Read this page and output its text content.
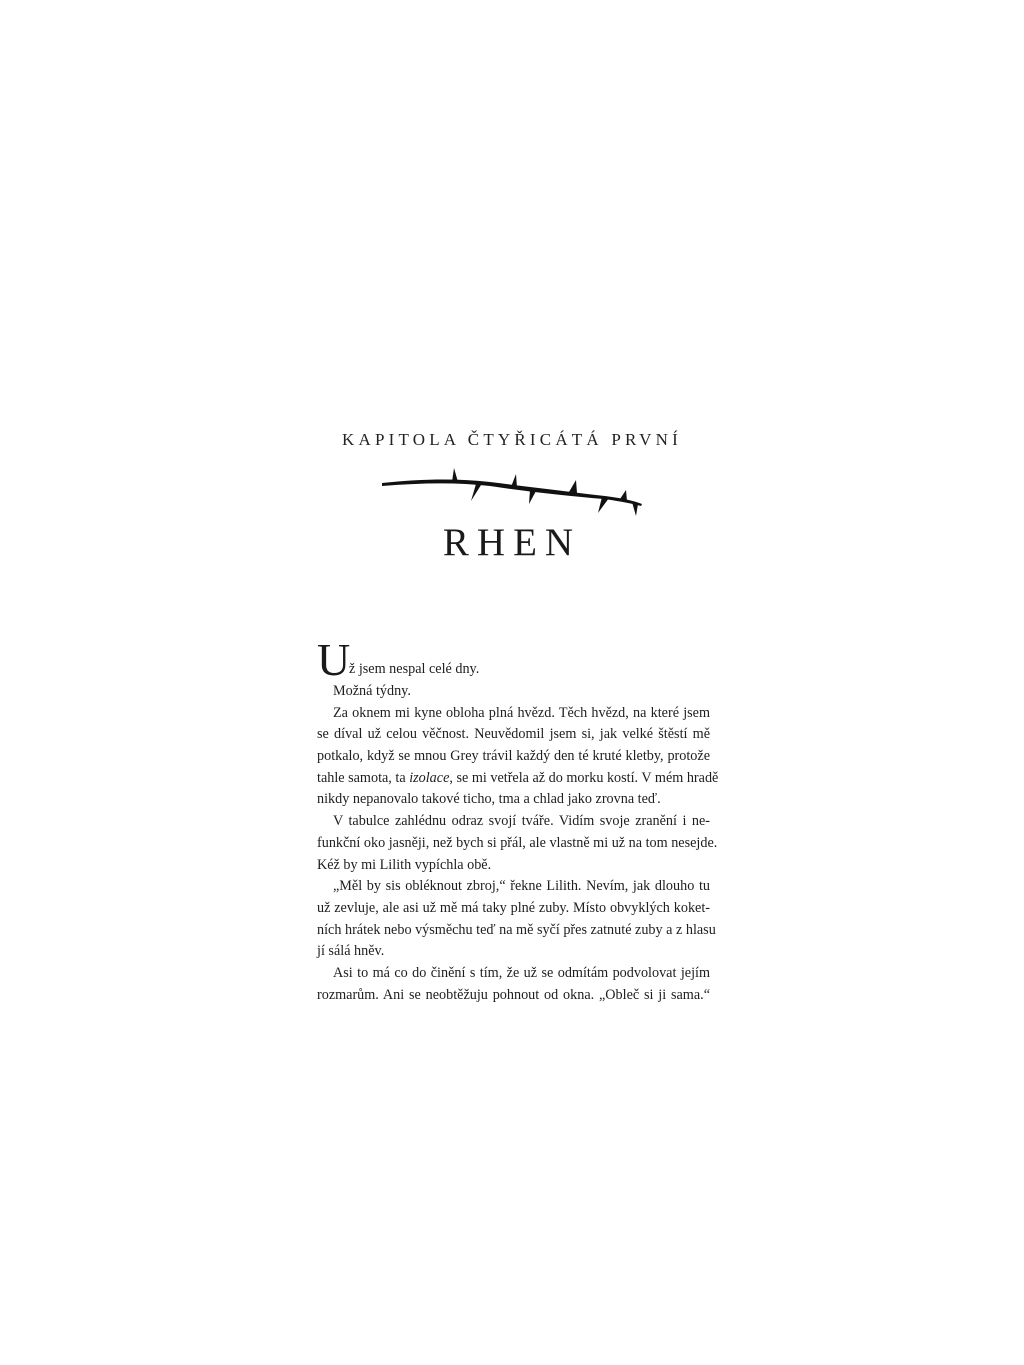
KAPITOLA ČTYŘICÁTÁ PRVNÍ
RHEN
U
ž jsem nespal celé dny.
Možná týdny.
Za oknem mi kyne obloha plná hvězd. Těch hvězd, na které jsem
se díval už celou věčnost. Neuvědomil jsem si, jak velké štěstí mě
potkalo, když se mnou Grey trávil každý den té kruté kletby, protože
tahle samota, ta izolace, se mi vetřela až do morku kostí. V mém hradě
nikdy nepanovalo takové ticho, tma a chlad jako zrovna teď.
V tabulce zahlédnu odraz svojí tváře. Vidím svoje zranění i ne-
funkční oko jasněji, než bych si přál, ale vlastně mi už na tom nesejde.
Kéž by mi Lilith vypíchla obě.
„Měl by sis obléknout zbroj,“ řekne Lilith. Nevím, jak dlouho tu
už zevluje, ale asi už mě má taky plné zuby. Místo obvyklých koket-
ních hrátek nebo výsměchu teď na mě syčí přes zatnuté zuby a z hlasu
jí sálá hněv.
Asi to má co do činění s tím, že už se odmítám podvolovat jejím
rozmarům. Ani se neobtěžuju pohnout od okna. „Obleč si ji sama.“
